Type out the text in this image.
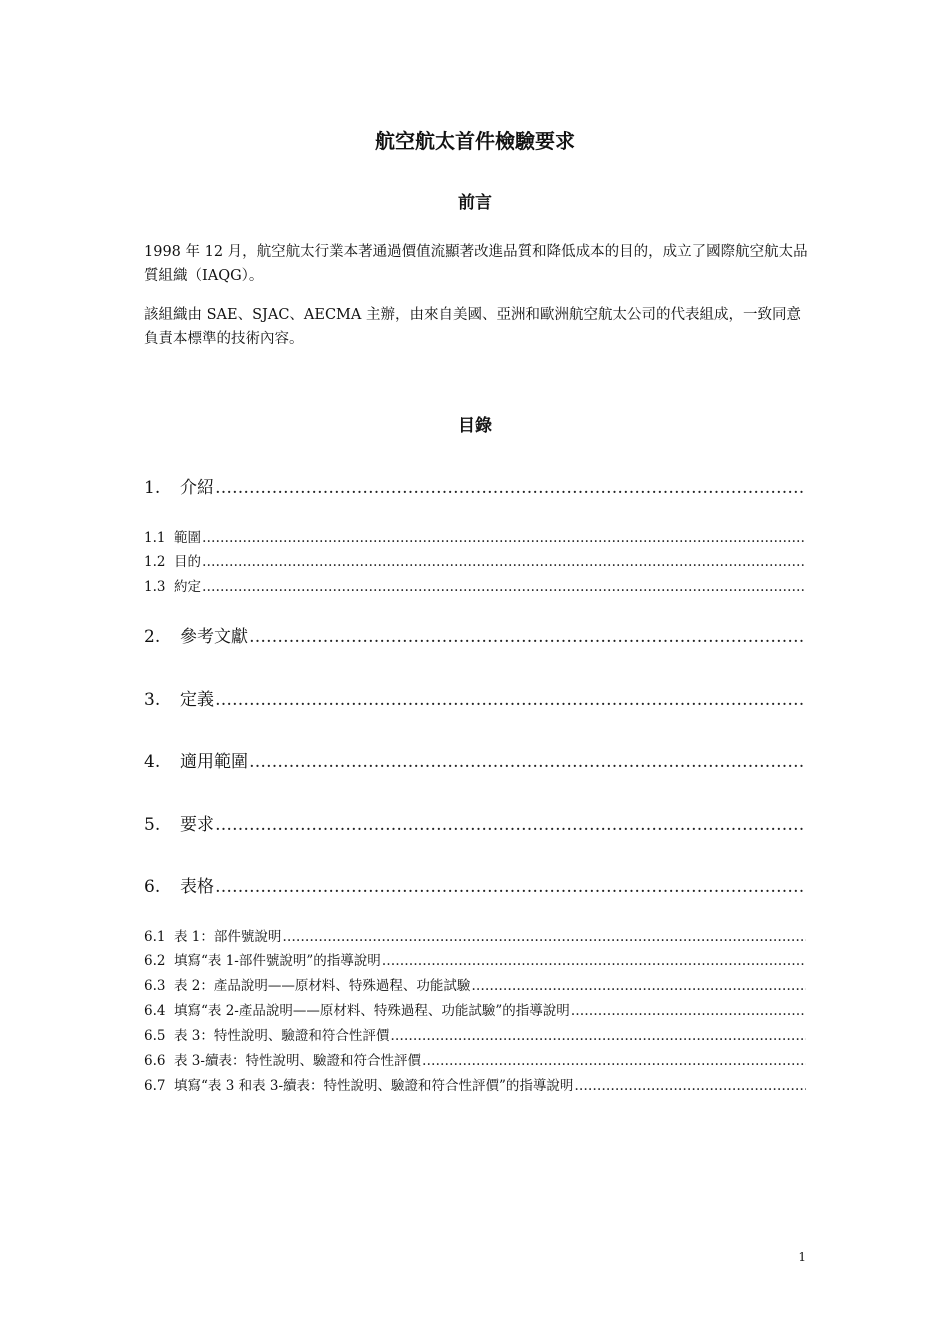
航空航太首件檢驗要求
前言

1998 年 12 月，航空航太行業本著通過價值流顯著改進品質和降低成本的目的，成立了國際航空航太品質組織（IAQG）。

該組織由 SAE、SJAC、AECMA 主辦，由來自美國、亞洲和歐洲航空航太公司的代表組成，一致同意負責本標準的技術內容。

目錄
1.	介紹
………………………………………………………………………………………………………………………………………………………………………………………………………………………………………………
1.1 範圍
………………………………………………………………………………………………………………………………………………………………………………………………………………………………………………
1.2 目的
………………………………………………………………………………………………………………………………………………………………………………………………………………………………………………
1.3 約定
………………………………………………………………………………………………………………………………………………………………………………………………………………………………………………
2.	參考文獻
………………………………………………………………………………………………………………………………………………………………………………………………………………………………………………
3.	定義
………………………………………………………………………………………………………………………………………………………………………………………………………………………………………………
4.	適用範圍
………………………………………………………………………………………………………………………………………………………………………………………………………………………………………………
5.	要求
………………………………………………………………………………………………………………………………………………………………………………………………………………………………………………
6.	表格
………………………………………………………………………………………………………………………………………………………………………………………………………………………………………………
6.1 表 1：部件號說明
………………………………………………………………………………………………………………………………………………………………………………………………………………………………………………
6.2 填寫“表 1-部件號說明”的指導說明
………………………………………………………………………………………………………………………………………………………………………………………………………………………………………………
6.3 表 2：產品說明——原材料、特殊過程、功能試驗
………………………………………………………………………………………………………………………………………………………………………………………………………………………………………………
6.4 填寫“表 2-產品說明——原材料、特殊過程、功能試驗”的指導說明
………………………………………………………………………………………………………………………………………………………………………………………………………………………………………………
6.5 表 3：特性說明、驗證和符合性評價
………………………………………………………………………………………………………………………………………………………………………………………………………………………………………………
6.6 表 3-續表：特性說明、驗證和符合性評價
………………………………………………………………………………………………………………………………………………………………………………………………………………………………………………
6.7 填寫“表 3 和表 3-續表：特性說明、驗證和符合性評價”的指導說明
………………………………………………………………………………………………………………………………………………………………………………………………………………………………………………
1
